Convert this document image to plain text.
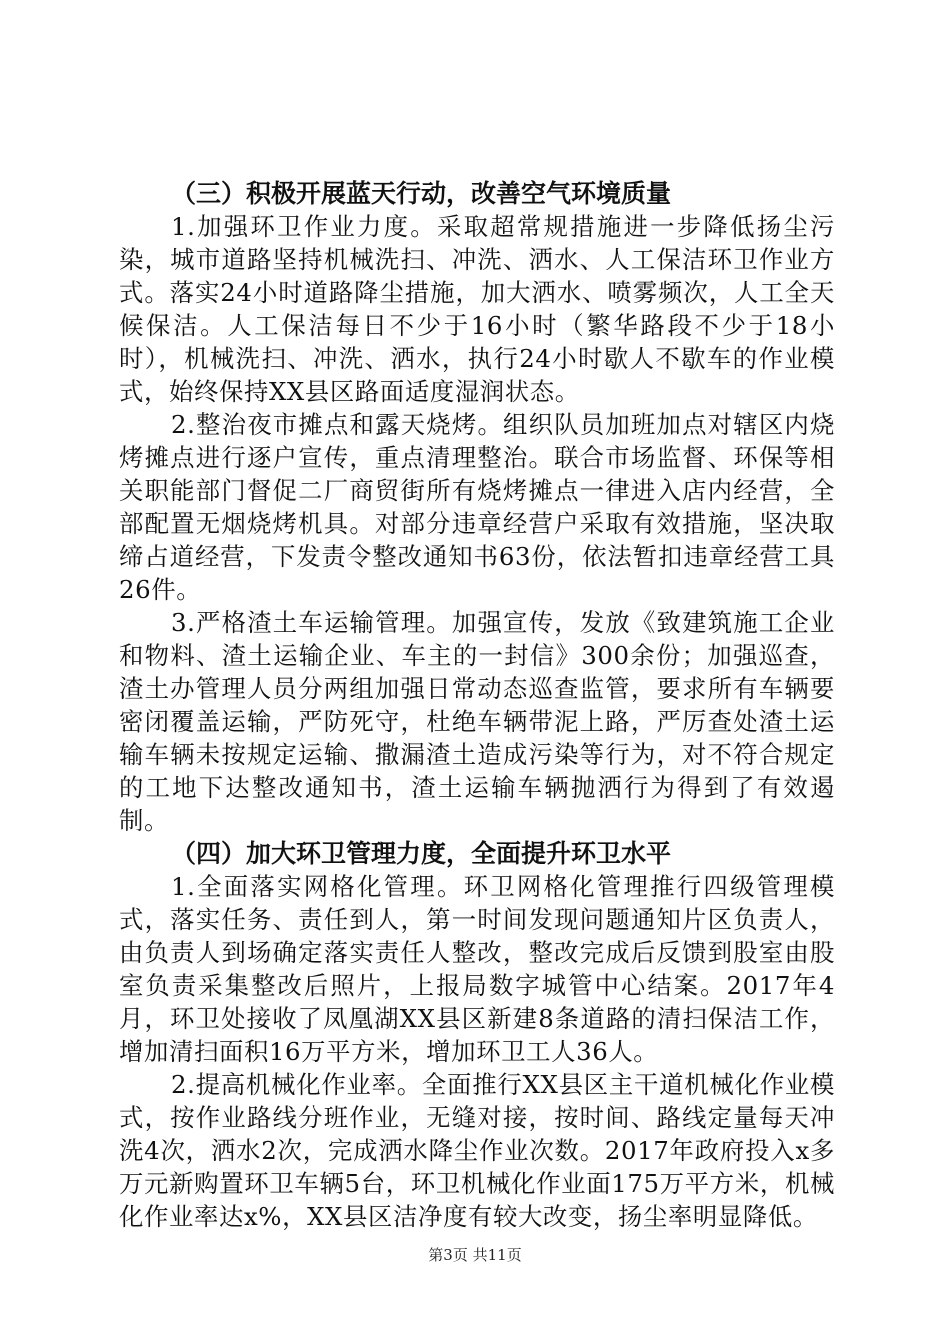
（三）积极开展蓝天行动，改善空气环境质量

1.加强环卫作业力度。采取超常规措施进一步降低扬尘污染，城市道路坚持机械洗扫、冲洗、洒水、人工保洁环卫作业方式。落实24小时道路降尘措施，加大洒水、喷雾频次，人工全天候保洁。人工保洁每日不少于16小时（繁华路段不少于18小时），机械洗扫、冲洗、洒水，执行24小时歇人不歇车的作业模式，始终保持XX县区路面适度湿润状态。

2.整治夜市摊点和露天烧烤。组织队员加班加点对辖区内烧烤摊点进行逐户宣传，重点清理整治。联合市场监督、环保等相关职能部门督促二厂商贸街所有烧烤摊点一律进入店内经营，全部配置无烟烧烤机具。对部分违章经营户采取有效措施，坚决取缔占道经营，下发责令整改通知书63份，依法暂扣违章经营工具26件。

3.严格渣土车运输管理。加强宣传，发放《致建筑施工企业和物料、渣土运输企业、车主的一封信》300余份；加强巡查，渣土办管理人员分两组加强日常动态巡查监管，要求所有车辆要密闭覆盖运输，严防死守，杜绝车辆带泥上路，严厉查处渣土运输车辆未按规定运输、撒漏渣土造成污染等行为，对不符合规定的工地下达整改通知书，渣土运输车辆抛洒行为得到了有效遏制。

（四）加大环卫管理力度，全面提升环卫水平

1.全面落实网格化管理。环卫网格化管理推行四级管理模式，落实任务、责任到人，第一时间发现问题通知片区负责人，由负责人到场确定落实责任人整改，整改完成后反馈到股室由股室负责采集整改后照片，上报局数字城管中心结案。2017年4月，环卫处接收了凤凰湖XX县区新建8条道路的清扫保洁工作，增加清扫面积16万平方米，增加环卫工人36人。

2.提高机械化作业率。全面推行XX县区主干道机械化作业模式，按作业路线分班作业，无缝对接，按时间、路线定量每天冲洗4次，洒水2次，完成洒水降尘作业次数。2017年政府投入x多万元新购置环卫车辆5台，环卫机械化作业面175万平方米，机械化作业率达x%，XX县区洁净度有较大改变，扬尘率明显降低。

第3页 共11页
